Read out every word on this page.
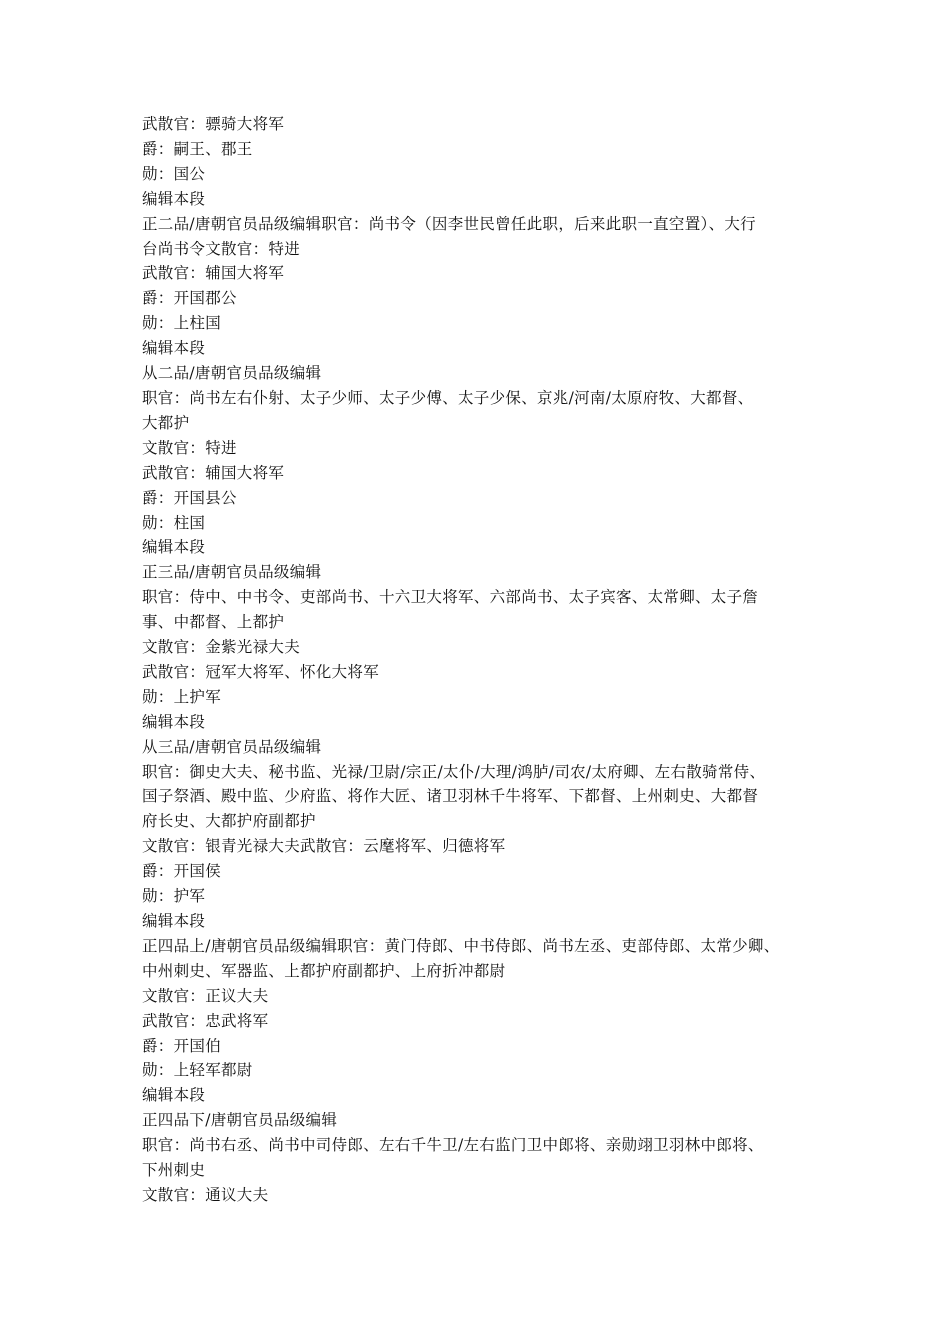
武散官：骠骑大将军
爵：嗣王、郡王
勋：国公
编辑本段
正二品/唐朝官员品级编辑职官：尚书令（因李世民曾任此职，后来此职一直空置）、大行
台尚书令文散官：特进
武散官：辅国大将军
爵：开国郡公
勋：上柱国
编辑本段
从二品/唐朝官员品级编辑
职官：尚书左右仆射、太子少师、太子少傅、太子少保、京兆/河南/太原府牧、大都督、
大都护
文散官：特进
武散官：辅国大将军
爵：开国县公
勋：柱国
编辑本段
正三品/唐朝官员品级编辑
职官：侍中、中书令、吏部尚书、十六卫大将军、六部尚书、太子宾客、太常卿、太子詹
事、中都督、上都护
文散官：金紫光禄大夫
武散官：冠军大将军、怀化大将军
勋：上护军
编辑本段
从三品/唐朝官员品级编辑
职官：御史大夫、秘书监、光禄/卫尉/宗正/太仆/大理/鸿胪/司农/太府卿、左右散骑常侍、
国子祭酒、殿中监、少府监、将作大匠、诸卫羽林千牛将军、下都督、上州刺史、大都督
府长史、大都护府副都护
文散官：银青光禄大夫武散官：云麾将军、归德将军
爵：开国侯
勋：护军
编辑本段
正四品上/唐朝官员品级编辑职官：黄门侍郎、中书侍郎、尚书左丞、吏部侍郎、太常少卿、
中州刺史、军器监、上都护府副都护、上府折冲都尉
文散官：正议大夫
武散官：忠武将军
爵：开国伯
勋：上轻军都尉
编辑本段
正四品下/唐朝官员品级编辑
职官：尚书右丞、尚书中司侍郎、左右千牛卫/左右监门卫中郎将、亲勋翊卫羽林中郎将、
下州刺史
文散官：通议大夫
